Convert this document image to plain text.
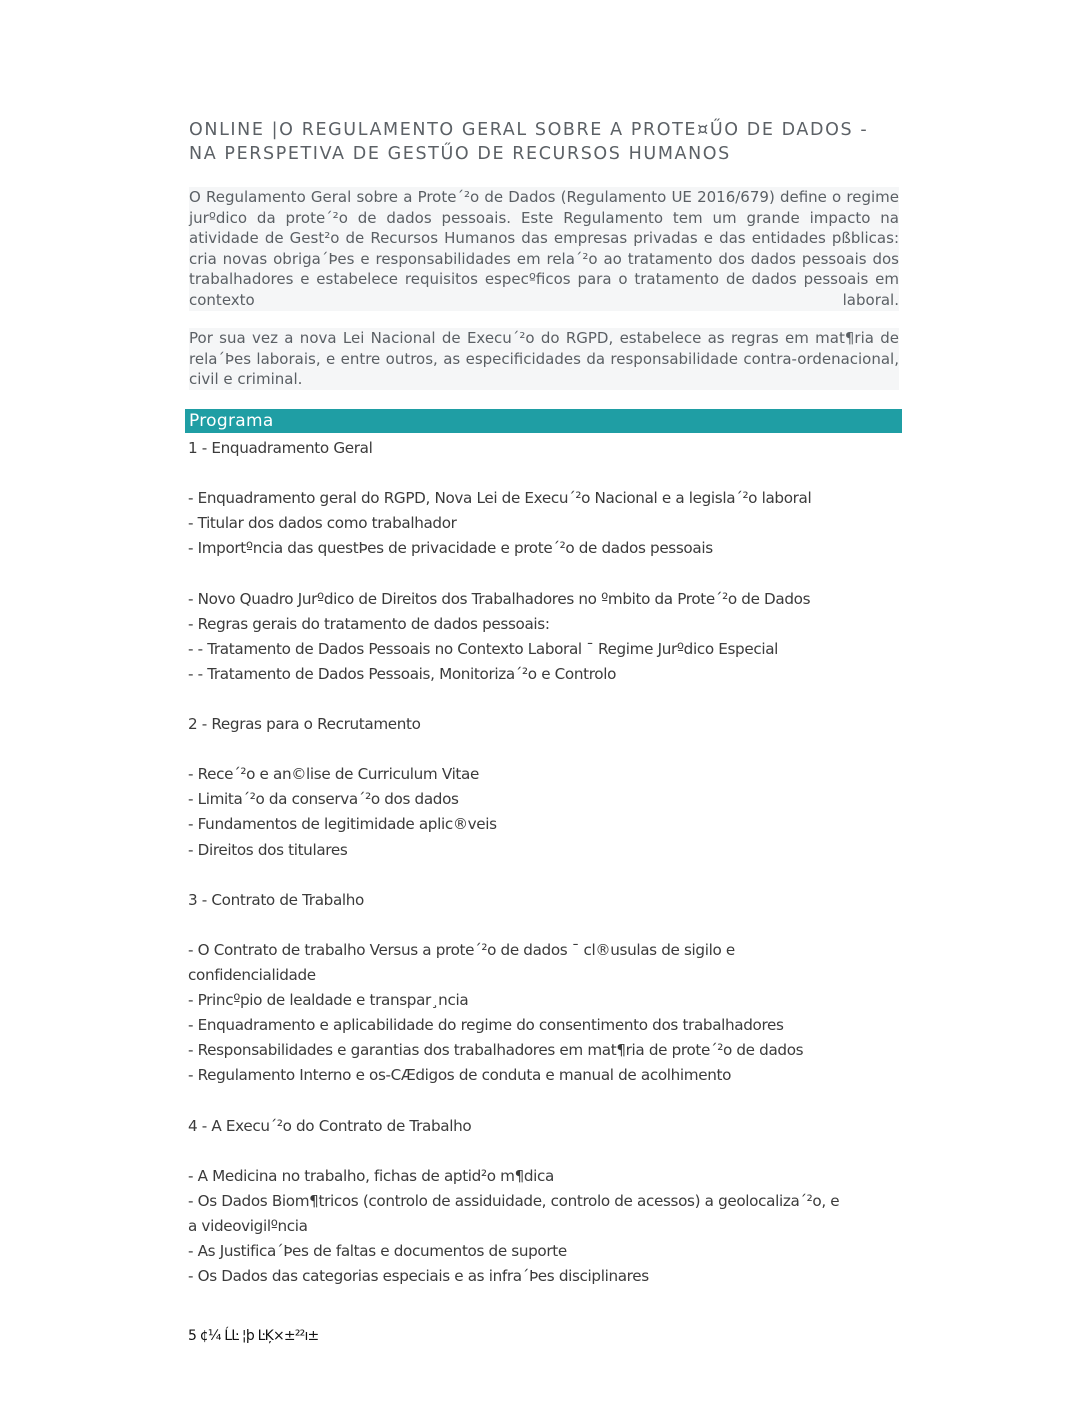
ONLINE |O REGULAMENTO GERAL SOBRE A PROTE¤ŰO DE DADOS - NA PERSPETIVA DE GESTŰO DE RECURSOS HUMANOS

O Regulamento Geral sobre a Prote´²o de Dados (Regulamento UE 2016/679) define o regime jurºdico da prote´²o de dados pessoais. Este Regulamento tem um grande impacto na atividade de Gest²o de Recursos Humanos das empresas privadas e das entidades pßblicas: cria novas obriga´Þes e responsabilidades em rela´²o ao tratamento dos dados pessoais dos trabalhadores e estabelece requisitos especºficos para o tratamento de dados pessoais em contexto laboral.

Por sua vez a nova Lei Nacional de Execu´²o do RGPD, estabelece as regras em mat¶ria de rela´Þes laborais, e entre outros, as especificidades da responsabilidade contra-ordenacional, civil e criminal.

Programa
1 - Enquadramento Geral
- Enquadramento geral do RGPD, Nova Lei de Execu´²o Nacional e a legisla´²o laboral
- Titular dos dados como trabalhador
- Importºncia das questÞes de privacidade e prote´²o de dados pessoais
- Novo Quadro Jurºdico de Direitos dos Trabalhadores no ºmbito da Prote´²o de Dados
- Regras gerais do tratamento de dados pessoais:
- - Tratamento de Dados Pessoais no Contexto Laboral ¯ Regime Jurºdico Especial
- - Tratamento de Dados Pessoais, Monitoriza´²o e Controlo
2 - Regras para o Recrutamento
- Rece´²o e an©lise de Curriculum Vitae
- Limita´²o da conserva´²o dos dados
- Fundamentos de legitimidade aplic®veis
- Direitos dos titulares
3 - Contrato de Trabalho
- O Contrato de trabalho Versus a prote´²o de dados ¯ cl®usulas de sigilo e
confidencialidade
- Princºpio de lealdade e transpar¸ncia
- Enquadramento e aplicabilidade do regime do consentimento dos trabalhadores
- Responsabilidades e garantias dos trabalhadores em mat¶ria de prote´²o de dados
- Regulamento Interno e os-CÆdigos de conduta e manual de acolhimento
4 - A Execu´²o do Contrato de Trabalho
- A Medicina no trabalho, fichas de aptid²o m¶dica
- Os Dados Biom¶tricos (controlo de assiduidade, controlo de acessos) a geolocaliza´²o, e
a videovigilºncia
- As Justifica´Þes de faltas e documentos de suporte
- Os Dados das categorias especiais e as infra´Þes disciplinares
5 ¢¼ ĹĿ ¦þ ĿĶ×±²²ı±
